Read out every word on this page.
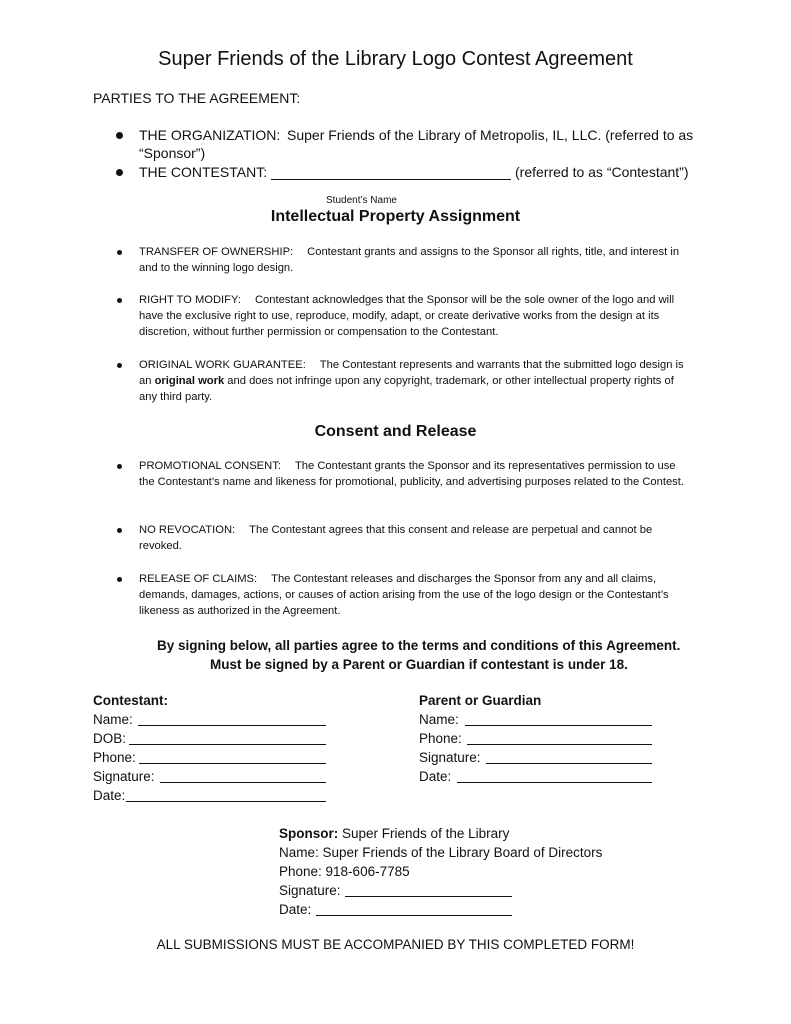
Super Friends of the Library Logo Contest Agreement
PARTIES TO THE AGREEMENT:
THE ORGANIZATION: Super Friends of the Library of Metropolis, IL, LLC. (referred to as
“Sponsor”)
THE CONTESTANT:	(referred to as “Contestant”)
Student’s Name
Intellectual Property Assignment
TRANSFER OF OWNERSHIP: Contestant grants and assigns to the Sponsor all rights, title, and interest in and to the winning logo design.
RIGHT TO MODIFY: Contestant acknowledges that the Sponsor will be the sole owner of the logo and will have the exclusive right to use, reproduce, modify, adapt, or create derivative works from the design at its discretion, without further permission or compensation to the Contestant.
ORIGINAL WORK GUARANTEE: The Contestant represents and warrants that the submitted logo design is an original work and does not infringe upon any copyright, trademark, or other intellectual property rights of any third party.
Consent and Release
PROMOTIONAL CONSENT: The Contestant grants the Sponsor and its representatives permission to use the Contestant’s name and likeness for promotional, publicity, and advertising purposes related to the Contest.
NO REVOCATION: The Contestant agrees that this consent and release are perpetual and cannot be revoked.
RELEASE OF CLAIMS: The Contestant releases and discharges the Sponsor from any and all claims, demands, damages, actions, or causes of action arising from the use of the logo design or the Contestant’s likeness as authorized in the Agreement.
By signing below, all parties agree to the terms and conditions of this Agreement.
Must be signed by a Parent or Guardian if contestant is under 18.
Contestant:
Name:
DOB:
Phone:
Signature:
Date:
Parent or Guardian
Name:
Phone:
Signature:
Date:
Sponsor: Super Friends of the Library
Name: Super Friends of the Library Board of Directors
Phone: 918-606-7785
Signature:
Date:
ALL SUBMISSIONS MUST BE ACCOMPANIED BY THIS COMPLETED FORM!
